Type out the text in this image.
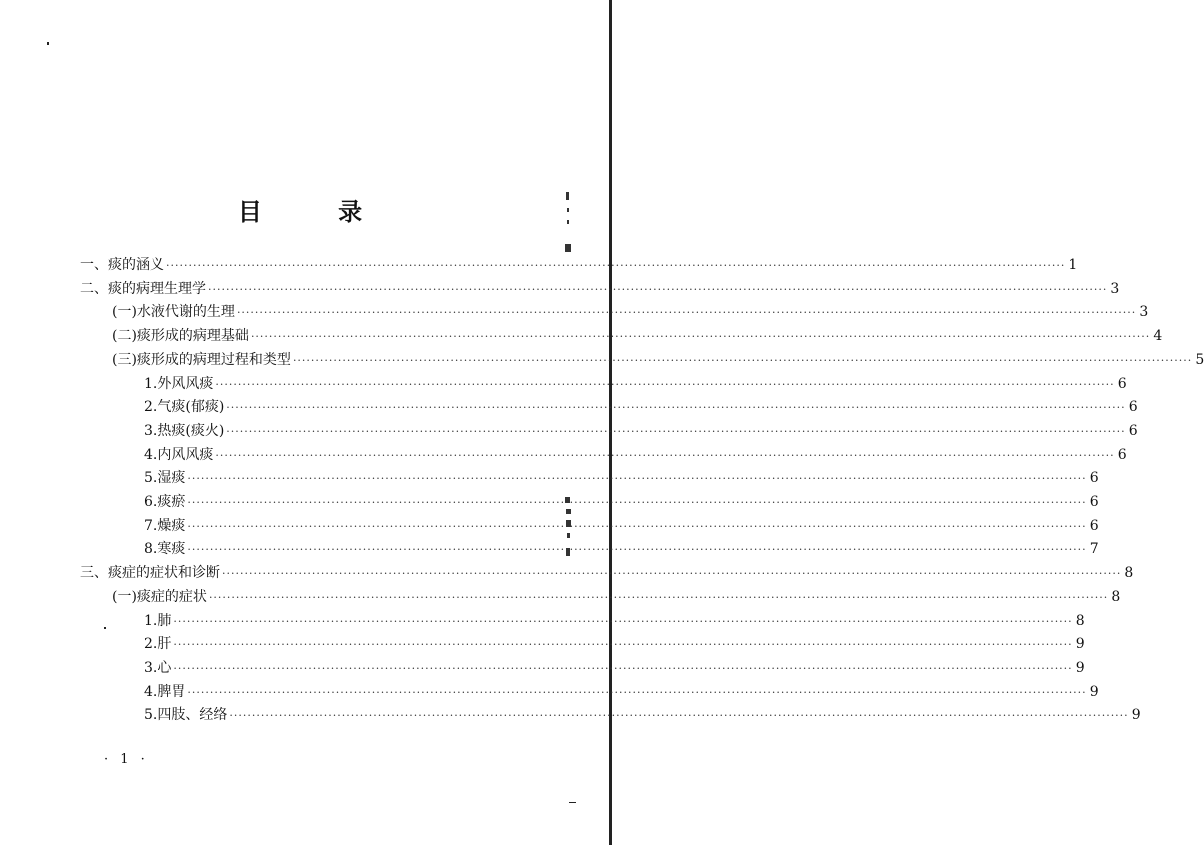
目 录
一、痰的涵义 ········································································································································································································ 1
二、痰的病理生理学 ········································································································································································································ 3
(一)水液代谢的生理 ········································································································································································································ 3
(二)痰形成的病理基础 ········································································································································································································ 4
(三)痰形成的病理过程和类型 ········································································································································································································ 5
1.外风风痰 ········································································································································································································ 6
2.气痰(郁痰) ········································································································································································································ 6
3.热痰(痰火) ········································································································································································································ 6
4.内风风痰 ········································································································································································································ 6
5.湿痰 ········································································································································································································ 6
6.痰瘀 ········································································································································································································ 6
7.燥痰 ········································································································································································································ 6
8.寒痰 ········································································································································································································ 7
三、痰症的症状和诊断 ········································································································································································································ 8
(一)痰症的症状 ········································································································································································································ 8
1.肺 ········································································································································································································ 8
2.肝 ········································································································································································································ 9
3.心 ········································································································································································································ 9
4.脾胃 ········································································································································································································ 9
5.四肢、经络 ········································································································································································································ 9
· 1 ·
